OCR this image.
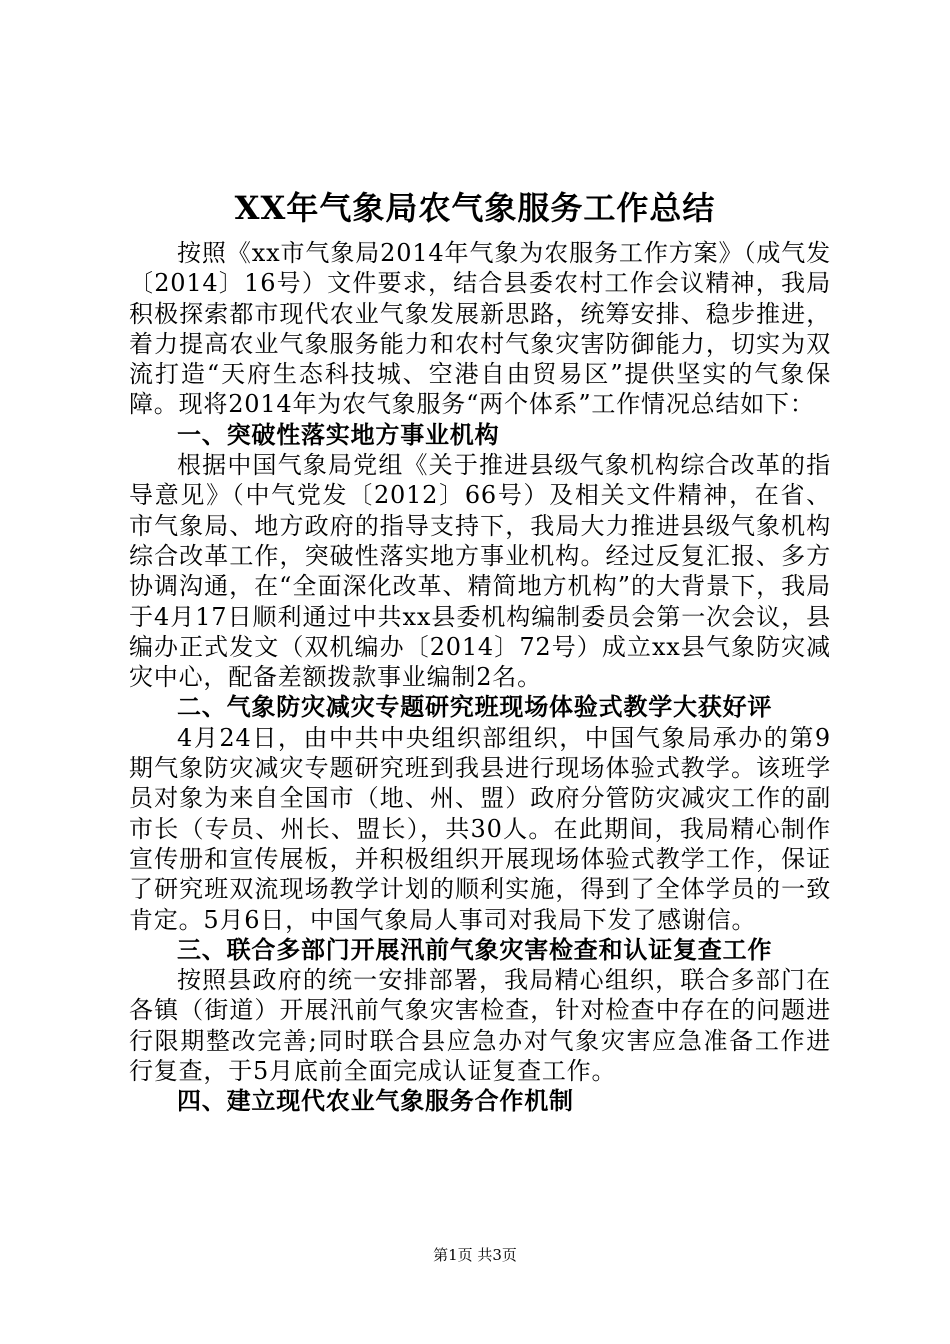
XX年气象局农气象服务工作总结

按照《xx市气象局2014年气象为农服务工作方案》（成气发〔2014〕16号）文件要求，结合县委农村工作会议精神，我局积极探索都市现代农业气象发展新思路，统筹安排、稳步推进，着力提高农业气象服务能力和农村气象灾害防御能力，切实为双流打造“天府生态科技城、空港自由贸易区”提供坚实的气象保障。现将2014年为农气象服务“两个体系”工作情况总结如下：

一、突破性落实地方事业机构

根据中国气象局党组《关于推进县级气象机构综合改革的指导意见》（中气党发〔2012〕66号）及相关文件精神，在省、市气象局、地方政府的指导支持下，我局大力推进县级气象机构综合改革工作，突破性落实地方事业机构。经过反复汇报、多方协调沟通，在“全面深化改革、精简地方机构”的大背景下，我局于4月17日顺利通过中共xx县委机构编制委员会第一次会议，县编办正式发文（双机编办〔2014〕72号）成立xx县气象防灾减灾中心，配备差额拨款事业编制2名。

二、气象防灾减灾专题研究班现场体验式教学大获好评

4月24日，由中共中央组织部组织，中国气象局承办的第9期气象防灾减灾专题研究班到我县进行现场体验式教学。该班学员对象为来自全国市（地、州、盟）政府分管防灾减灾工作的副市长（专员、州长、盟长），共30人。在此期间，我局精心制作宣传册和宣传展板，并积极组织开展现场体验式教学工作，保证了研究班双流现场教学计划的顺利实施，得到了全体学员的一致肯定。5月6日，中国气象局人事司对我局下发了感谢信。

三、联合多部门开展汛前气象灾害检查和认证复查工作

按照县政府的统一安排部署，我局精心组织，联合多部门在各镇（街道）开展汛前气象灾害检查，针对检查中存在的问题进行限期整改完善;同时联合县应急办对气象灾害应急准备工作进行复查，于5月底前全面完成认证复查工作。

四、建立现代农业气象服务合作机制
第1页 共3页
